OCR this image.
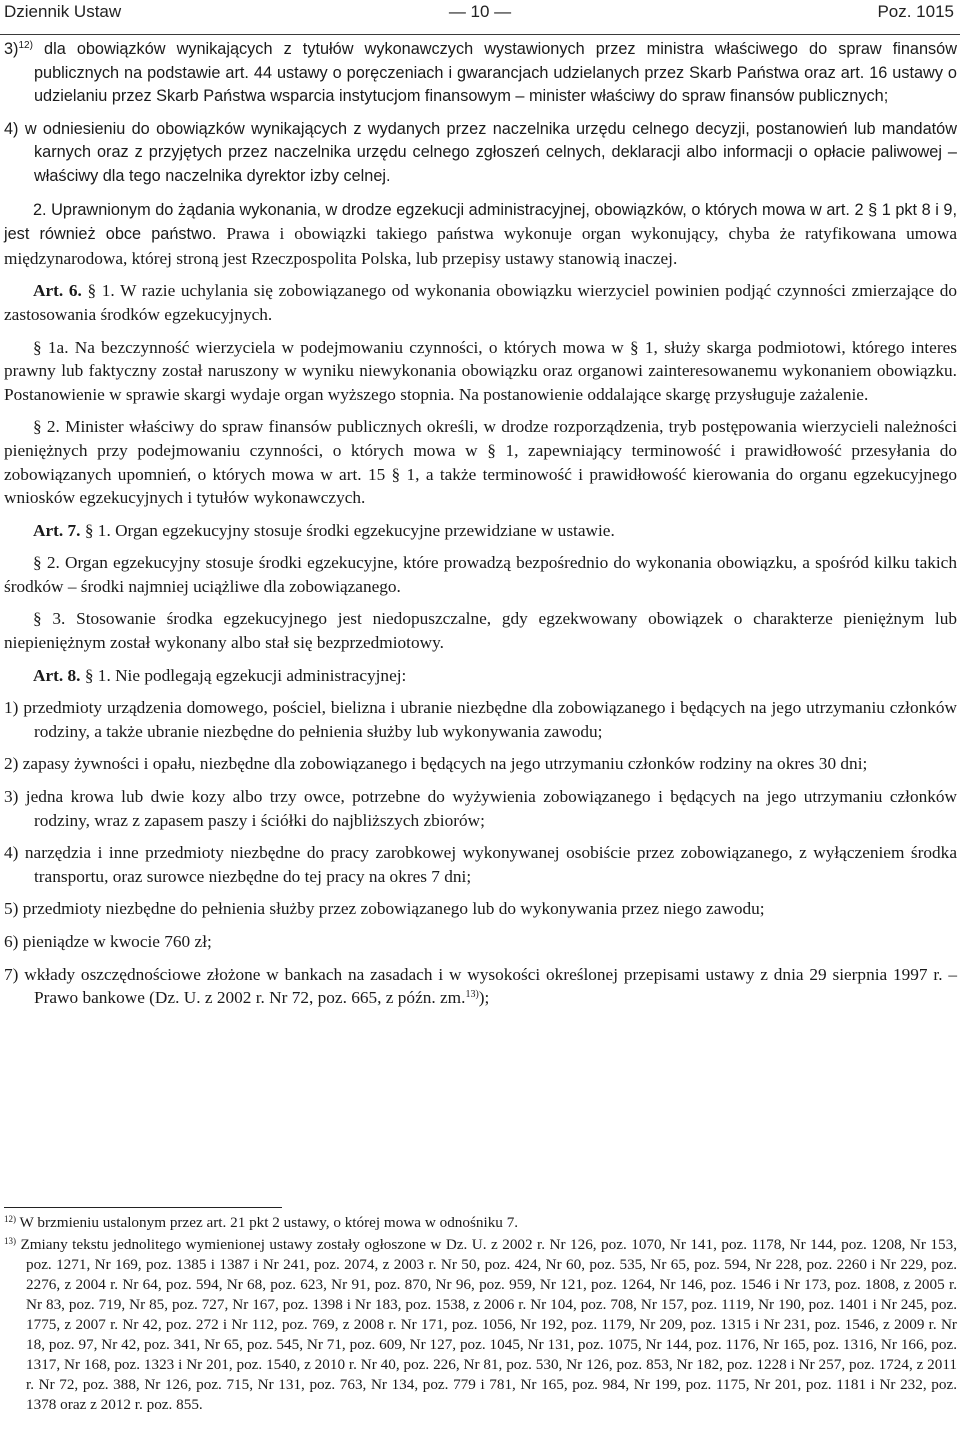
Dziennik Ustaw	— 10 —	Poz. 1015

3)$^{12)}$ dla obowiązków wynikających z tytułów wykonawczych wystawionych przez ministra właściwego do spraw finansów publicznych na podstawie art. 44 ustawy o poręczeniach i gwarancjach udzielanych przez Skarb Państwa oraz art. 16 ustawy o udzielaniu przez Skarb Państwa wsparcia instytucjom finansowym – minister właściwy do spraw finansów publicznych;

4) w odniesieniu do obowiązków wynikających z wydanych przez naczelnika urzędu celnego decyzji, postanowień lub mandatów karnych oraz z przyjętych przez naczelnika urzędu celnego zgłoszeń celnych, deklaracji albo informacji o opłacie paliwowej – właściwy dla tego naczelnika dyrektor izby celnej.

2. Uprawnionym do żądania wykonania, w drodze egzekucji administracyjnej, obowiązków, o których mowa w art. 2 § 1 pkt 8 i 9, jest również obce państwo. Prawa i obowiązki takiego państwa wykonuje organ wykonujący, chyba że ratyfikowana umowa międzynarodowa, której stroną jest Rzeczpospolita Polska, lub przepisy ustawy stanowią inaczej.

Art. 6. § 1. W razie uchylania się zobowiązanego od wykonania obowiązku wierzyciel powinien podjąć czynności zmierzające do zastosowania środków egzekucyjnych.

§ 1a. Na bezczynność wierzyciela w podejmowaniu czynności, o których mowa w § 1, służy skarga podmiotowi, którego interes prawny lub faktyczny został naruszony w wyniku niewykonania obowiązku oraz organowi zainteresowanemu wykonaniem obowiązku. Postanowienie w sprawie skargi wydaje organ wyższego stopnia. Na postanowienie oddalające skargę przysługuje zażalenie.

§ 2. Minister właściwy do spraw finansów publicznych określi, w drodze rozporządzenia, tryb postępowania wierzycieli należności pieniężnych przy podejmowaniu czynności, o których mowa w § 1, zapewniający terminowość i prawidłowość przesyłania do zobowiązanych upomnień, o których mowa w art. 15 § 1, a także terminowość i prawidłowość kierowania do organu egzekucyjnego wniosków egzekucyjnych i tytułów wykonawczych.

Art. 7. § 1. Organ egzekucyjny stosuje środki egzekucyjne przewidziane w ustawie.

§ 2. Organ egzekucyjny stosuje środki egzekucyjne, które prowadzą bezpośrednio do wykonania obowiązku, a spośród kilku takich środków – środki najmniej uciążliwe dla zobowiązanego.

§ 3. Stosowanie środka egzekucyjnego jest niedopuszczalne, gdy egzekwowany obowiązek o charakterze pieniężnym lub niepieniężnym został wykonany albo stał się bezprzedmiotowy.

Art. 8. § 1. Nie podlegają egzekucji administracyjnej:

1) przedmioty urządzenia domowego, pościel, bielizna i ubranie niezbędne dla zobowiązanego i będących na jego utrzymaniu członków rodziny, a także ubranie niezbędne do pełnienia służby lub wykonywania zawodu;

2) zapasy żywności i opału, niezbędne dla zobowiązanego i będących na jego utrzymaniu członków rodziny na okres 30 dni;

3) jedna krowa lub dwie kozy albo trzy owce, potrzebne do wyżywienia zobowiązanego i będących na jego utrzymaniu członków rodziny, wraz z zapasem paszy i ściółki do najbliższych zbiorów;

4) narzędzia i inne przedmioty niezbędne do pracy zarobkowej wykonywanej osobiście przez zobowiązanego, z wyłączeniem środka transportu, oraz surowce niezbędne do tej pracy na okres 7 dni;

5) przedmioty niezbędne do pełnienia służby przez zobowiązanego lub do wykonywania przez niego zawodu;

6) pieniądze w kwocie 760 zł;

7) wkłady oszczędnościowe złożone w bankach na zasadach i w wysokości określonej przepisami ustawy z dnia 29 sierpnia 1997 r. – Prawo bankowe (Dz. U. z 2002 r. Nr 72, poz. 665, z późn. zm.$^{13)}$);

$^{12)}$ W brzmieniu ustalonym przez art. 21 pkt 2 ustawy, o której mowa w odnośniku 7.

$^{13)}$ Zmiany tekstu jednolitego wymienionej ustawy zostały ogłoszone w Dz. U. z 2002 r. Nr 126, poz. 1070, Nr 141, poz. 1178, Nr 144, poz. 1208, Nr 153, poz. 1271, Nr 169, poz. 1385 i 1387 i Nr 241, poz. 2074, z 2003 r. Nr 50, poz. 424, Nr 60, poz. 535, Nr 65, poz. 594, Nr 228, poz. 2260 i Nr 229, poz. 2276, z 2004 r. Nr 64, poz. 594, Nr 68, poz. 623, Nr 91, poz. 870, Nr 96, poz. 959, Nr 121, poz. 1264, Nr 146, poz. 1546 i Nr 173, poz. 1808, z 2005 r. Nr 83, poz. 719, Nr 85, poz. 727, Nr 167, poz. 1398 i Nr 183, poz. 1538, z 2006 r. Nr 104, poz. 708, Nr 157, poz. 1119, Nr 190, poz. 1401 i Nr 245, poz. 1775, z 2007 r. Nr 42, poz. 272 i Nr 112, poz. 769, z 2008 r. Nr 171, poz. 1056, Nr 192, poz. 1179, Nr 209, poz. 1315 i Nr 231, poz. 1546, z 2009 r. Nr 18, poz. 97, Nr 42, poz. 341, Nr 65, poz. 545, Nr 71, poz. 609, Nr 127, poz. 1045, Nr 131, poz. 1075, Nr 144, poz. 1176, Nr 165, poz. 1316, Nr 166, poz. 1317, Nr 168, poz. 1323 i Nr 201, poz. 1540, z 2010 r. Nr 40, poz. 226, Nr 81, poz. 530, Nr 126, poz. 853, Nr 182, poz. 1228 i Nr 257, poz. 1724, z 2011 r. Nr 72, poz. 388, Nr 126, poz. 715, Nr 131, poz. 763, Nr 134, poz. 779 i 781, Nr 165, poz. 984, Nr 199, poz. 1175, Nr 201, poz. 1181 i Nr 232, poz. 1378 oraz z 2012 r. poz. 855.
